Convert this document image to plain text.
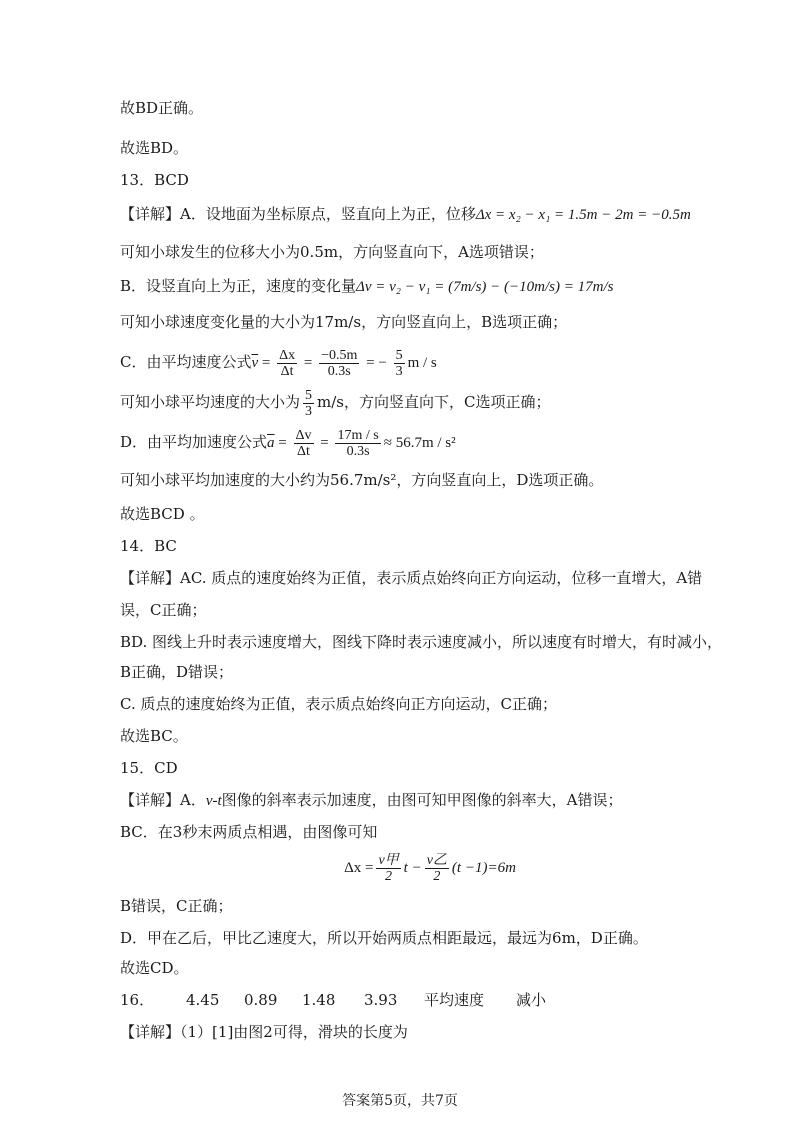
故BD正确。
故选BD。
13．BCD
【详解】A．设地面为坐标原点，竖直向上为正，位移Δx = x₂ − x₁ = 1.5m − 2m = −0.5m
可知小球发生的位移大小为0.5m，方向竖直向下，A选项错误；
B．设竖直向上为正，速度的变化量Δv = v₂ − v₁ = (7m/s) − (−10m/s) = 17m/s
可知小球速度变化量的大小为17m/s，方向竖直向上，B选项正确；
C．由平均速度公式$\overline{v} = \frac{\Delta x}{\Delta t} = \frac{-0.5m}{0.3s}$ = − $\frac{5}{3}$ m / s
可知小球平均速度的大小为 $\frac{5}{3} m/s$，方向竖直向下，C选项正确；
D．由平均加速度公式$\overline{a} = \frac{\Delta v}{\Delta t} = \frac{17m / s}{0.3s} \approx 56.7m / s^2$
可知小球平均加速度的大小约为56.7m/s²，方向竖直向上，D选项正确。
故选BCD 。
14．BC
【详解】AC. 质点的速度始终为正值，表示质点始终向正方向运动，位移一直增大，A错
误，C正确；
BD. 图线上升时表示速度增大，图线下降时表示速度减小，所以速度有时增大，有时减小，
B正确，D错误；
C. 质点的速度始终为正值，表示质点始终向正方向运动，C正确；
故选BC。
15．CD
【详解】A．v-t图像的斜率表示加速度，由图可知甲图像的斜率大，A错误；
BC．在3秒末两质点相遇，由图像可知
$\Delta x = \frac{\text{v甲}}{2}$ $t - \frac{\text{v乙}}{2} (t -1)=6m$
B错误，C正确；
D．甲在乙后，甲比乙速度大，所以开始两质点相距最远，最远为6m，D正确。
故选CD。
16． 4.45 0.89 1.48 3.93 平均速度 减小
【详解】（1）[1]由图2可得，滑块的长度为
答案第5页，共7页
